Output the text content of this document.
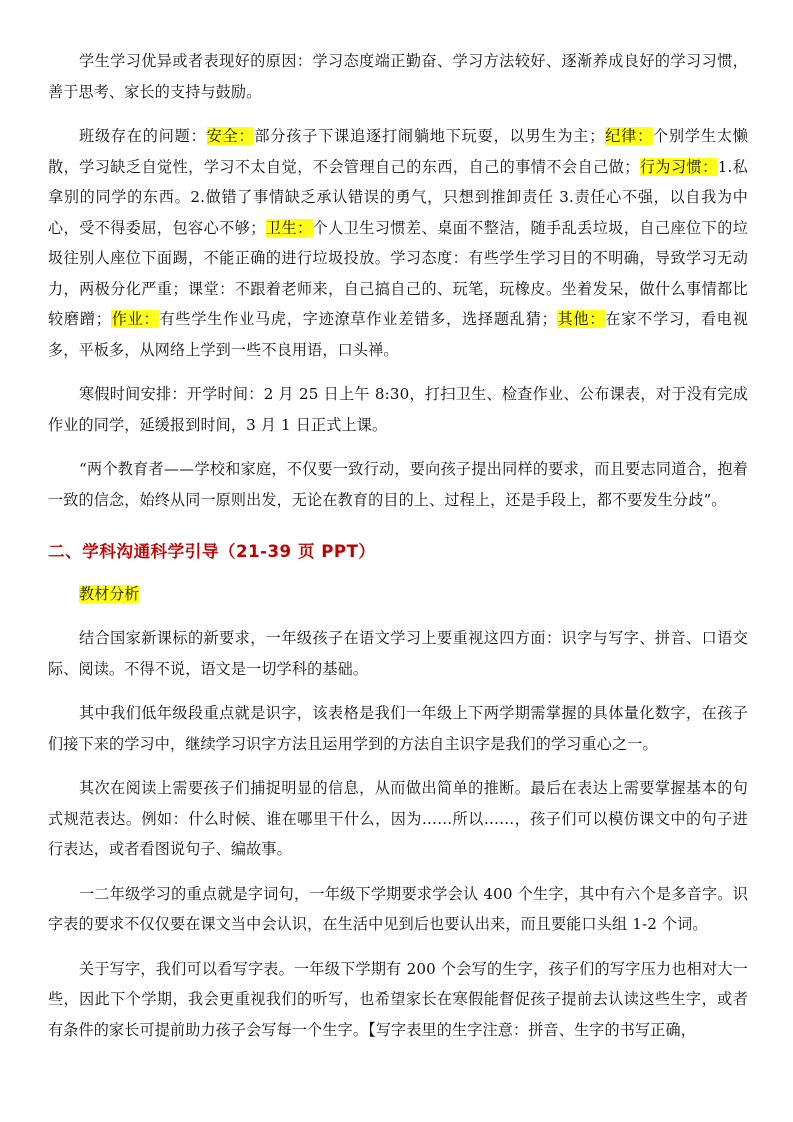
学生学习优异或者表现好的原因：学习态度端正勤奋、学习方法较好、逐渐养成良好的学习习惯，善于思考、家长的支持与鼓励。

班级存在的问题：安全：部分孩子下课追逐打闹躺地下玩耍，以男生为主；纪律：个别学生太懒散，学习缺乏自觉性，学习不太自觉，不会管理自己的东西，自己的事情不会自己做；行为习惯：1.私拿别的同学的东西。2.做错了事情缺乏承认错误的勇气，只想到推卸责任 3.责任心不强，以自我为中心，受不得委屈，包容心不够；卫生：个人卫生习惯差、桌面不整洁，随手乱丢垃圾，自己座位下的垃圾往别人座位下面踢，不能正确的进行垃圾投放。学习态度：有些学生学习目的不明确，导致学习无动力，两极分化严重；课堂：不跟着老师来，自己搞自己的、玩笔，玩橡皮。坐着发呆，做什么事情都比较磨蹭；作业：有些学生作业马虎，字迹潦草作业差错多，选择题乱猜；其他：在家不学习，看电视多，平板多，从网络上学到一些不良用语，口头禅。

寒假时间安排：开学时间：2 月 25 日上午 8:30，打扫卫生、检查作业、公布课表，对于没有完成作业的同学，延缓报到时间，3 月 1 日正式上课。

“两个教育者——学校和家庭，不仅要一致行动，要向孩子提出同样的要求，而且要志同道合，抱着一致的信念，始终从同一原则出发，无论在教育的目的上、过程上，还是手段上，都不要发生分歧”。

二、学科沟通科学引导（21-39 页 PPT）
教材分析

结合国家新课标的新要求，一年级孩子在语文学习上要重视这四方面：识字与写字、拼音、口语交际、阅读。不得不说，语文是一切学科的基础。

其中我们低年级段重点就是识字，该表格是我们一年级上下两学期需掌握的具体量化数字，在孩子们接下来的学习中，继续学习识字方法且运用学到的方法自主识字是我们的学习重心之一。

其次在阅读上需要孩子们捕捉明显的信息，从而做出简单的推断。最后在表达上需要掌握基本的句式规范表达。例如：什么时候、谁在哪里干什么，因为……所以……，孩子们可以模仿课文中的句子进行表达，或者看图说句子、编故事。

一二年级学习的重点就是字词句，一年级下学期要求学会认 400 个生字，其中有六个是多音字。识字表的要求不仅仅要在课文当中会认识，在生活中见到后也要认出来，而且要能口头组 1-2 个词。

关于写字，我们可以看写字表。一年级下学期有 200 个会写的生字，孩子们的写字压力也相对大一些，因此下个学期，我会更重视我们的听写，也希望家长在寒假能督促孩子提前去认读这些生字，或者有条件的家长可提前助力孩子会写每一个生字。【写字表里的生字注意：拼音、生字的书写正确，
